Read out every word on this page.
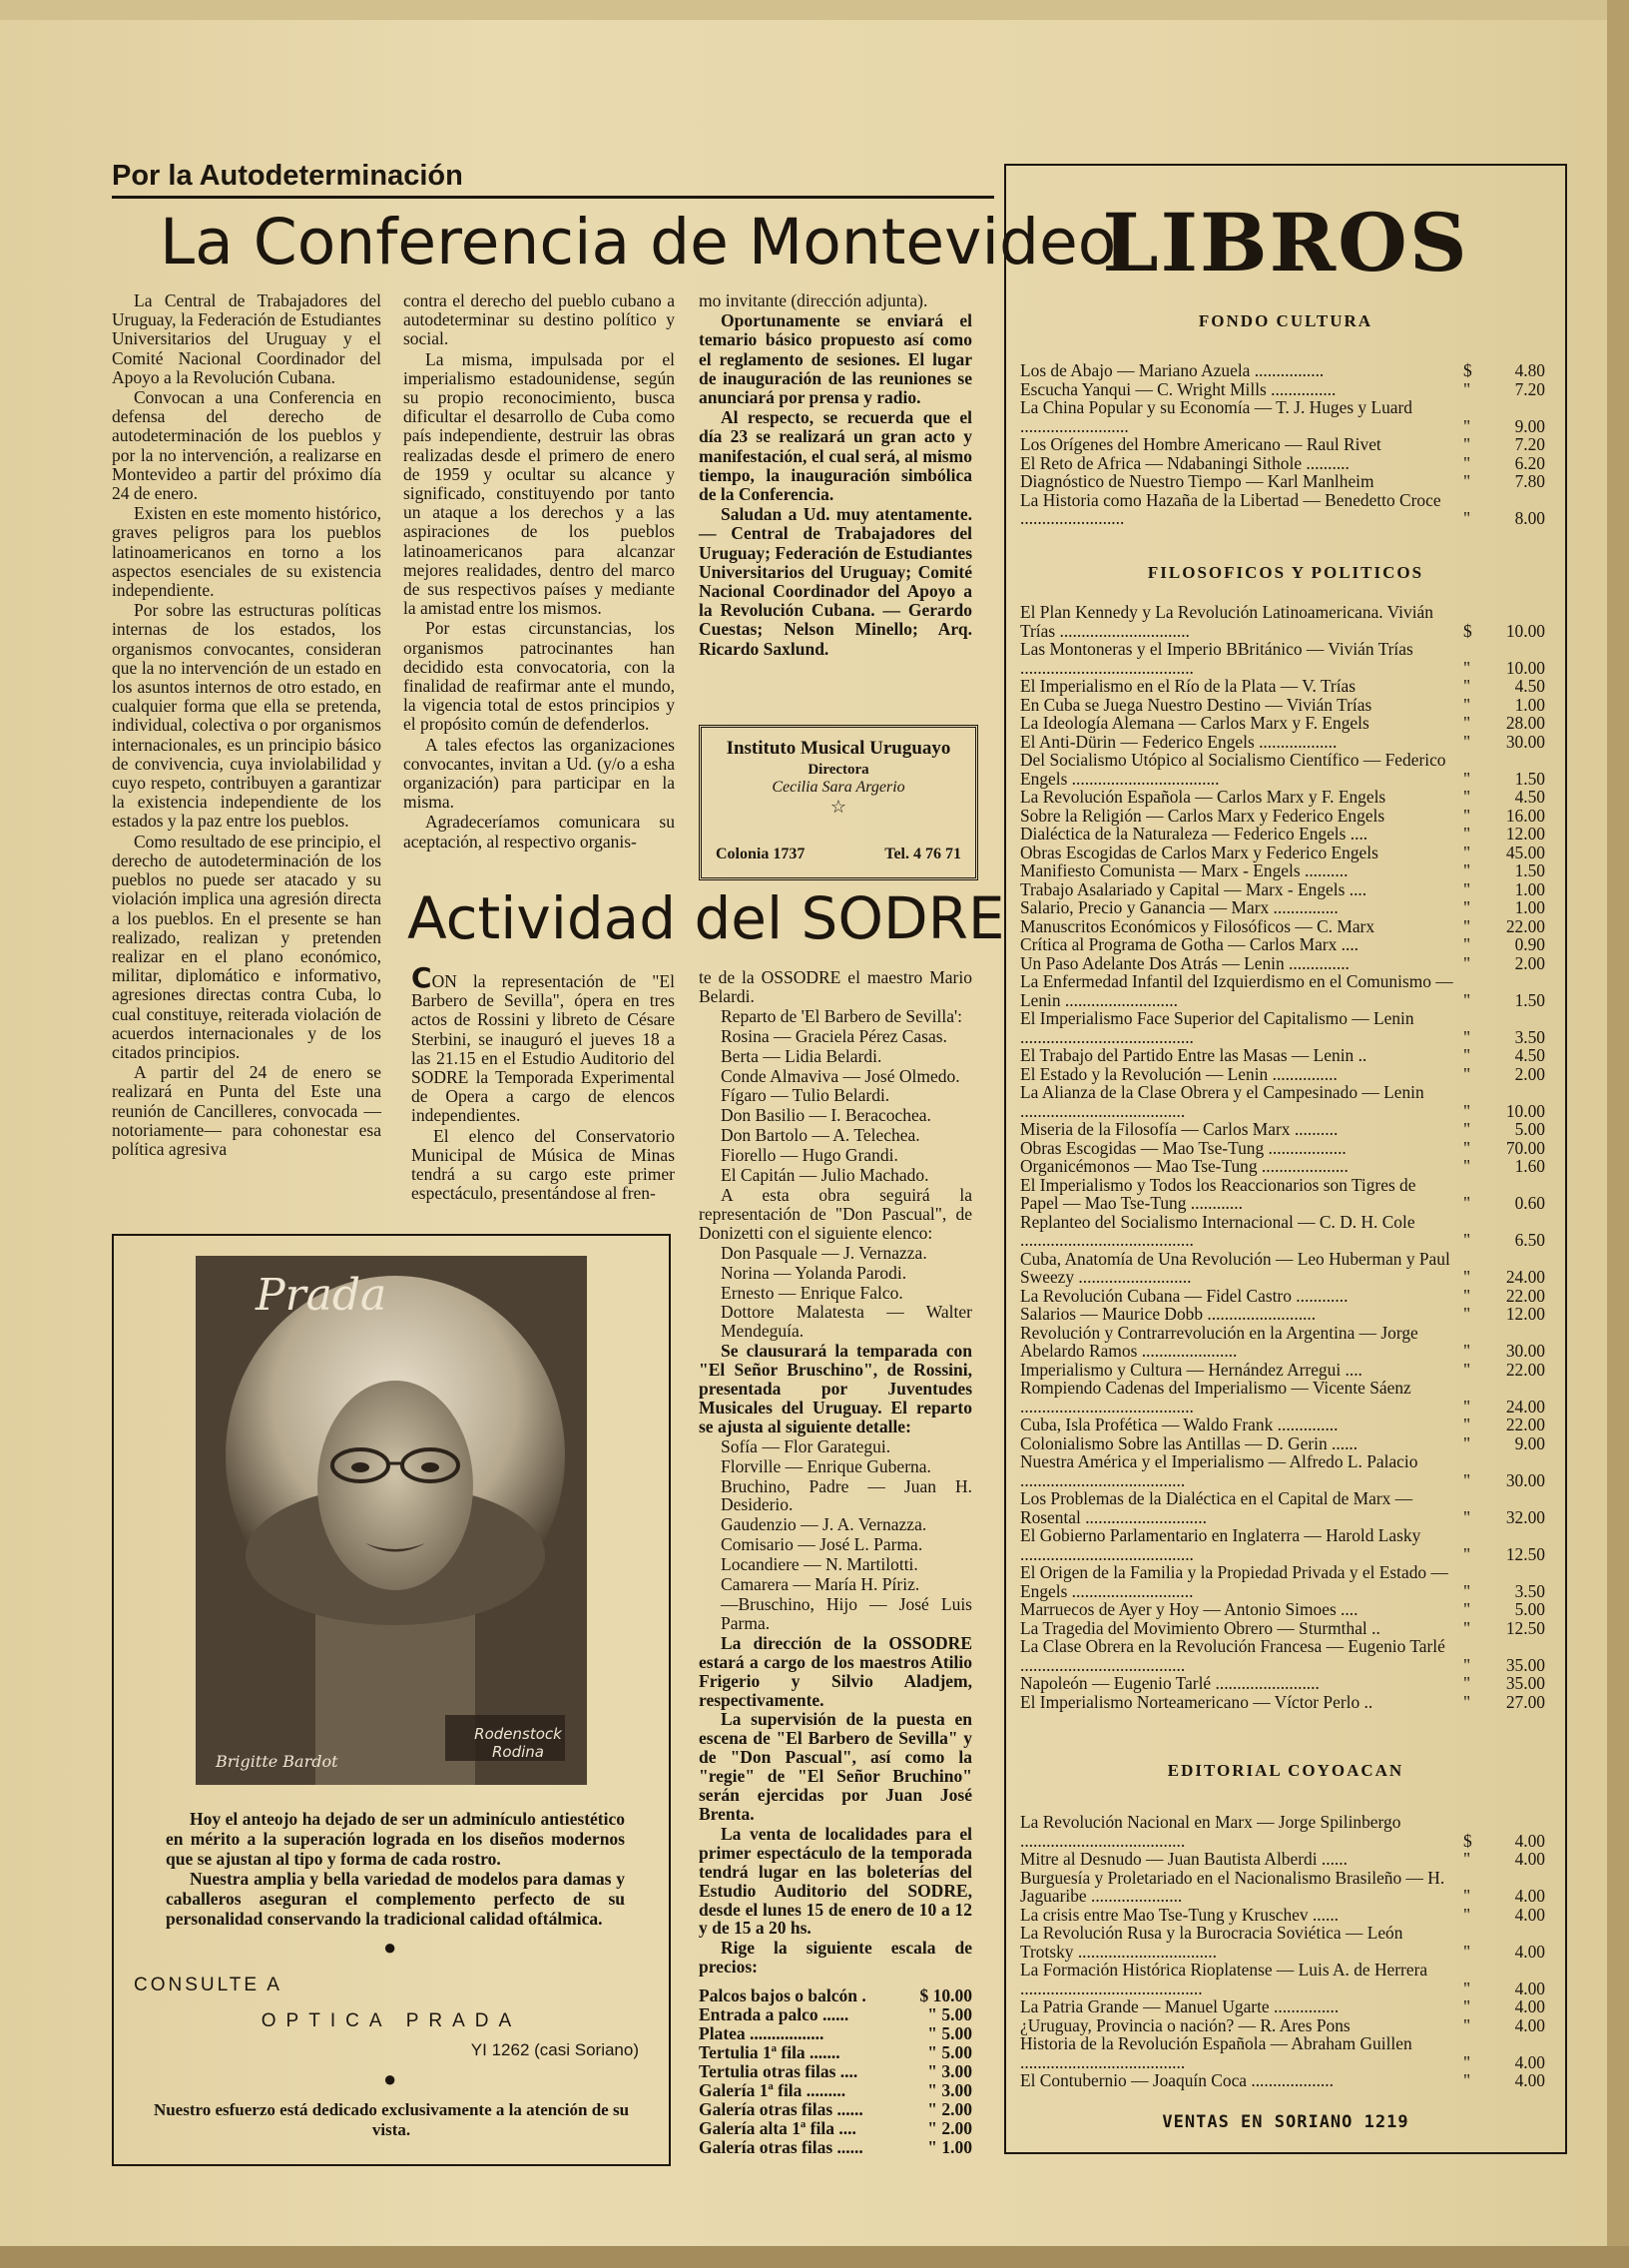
Por la Autodeterminación
La Conferencia de Montevideo

La Central de Trabajadores del Uruguay, la Federación de Estudiantes Universitarios del Uruguay y el Comité Nacional Coordinador del Apoyo a la Revolución Cubana.

Convocan a una Conferencia en defensa del derecho de autodeterminación de los pueblos y por la no intervención, a realizarse en Montevideo a partir del próximo día 24 de enero.

Existen en este momento histórico, graves peligros para los pueblos latinoamericanos en torno a los aspectos esenciales de su existencia independiente.

Por sobre las estructuras políticas internas de los estados, los organismos convocantes, consideran que la no intervención de un estado en los asuntos internos de otro estado, en cualquier forma que ella se pretenda, individual, colectiva o por organismos internacionales, es un principio básico de convivencia, cuya inviolabilidad y cuyo respeto, contribuyen a garantizar la existencia independiente de los estados y la paz entre los pueblos.

Como resultado de ese principio, el derecho de autodeterminación de los pueblos no puede ser atacado y su violación implica una agresión directa a los pueblos. En el presente se han realizado, realizan y pretenden realizar en el plano económico, militar, diplomático e informativo, agresiones directas contra Cuba, lo cual constituye, reiterada violación de acuerdos internacionales y de los citados principios.

A partir del 24 de enero se realizará en Punta del Este una reunión de Cancilleres, convocada —notoriamente— para cohonestar esa política agresiva

contra el derecho del pueblo cubano a autodeterminar su destino político y social.

La misma, impulsada por el imperialismo estadounidense, según su propio reconocimiento, busca dificultar el desarrollo de Cuba como país independiente, destruir las obras realizadas desde el primero de enero de 1959 y ocultar su alcance y significado, constituyendo por tanto un ataque a los derechos y a las aspiraciones de los pueblos latinoamericanos para alcanzar mejores realidades, dentro del marco de sus respectivos países y mediante la amistad entre los mismos.

Por estas circunstancias, los organismos patrocinantes han decidido esta convocatoria, con la finalidad de reafirmar ante el mundo, la vigencia total de estos principios y el propósito común de defenderlos.

A tales efectos las organizaciones convocantes, invitan a Ud. (y/o a esha organización) para participar en la misma.

Agradeceríamos comunicara su aceptación, al respectivo organis-

mo invitante (dirección adjunta).

Oportunamente se enviará el temario básico propuesto así como el reglamento de sesiones. El lugar de inauguración de las reuniones se anunciará por prensa y radio.

Al respecto, se recuerda que el día 23 se realizará un gran acto y manifestación, el cual será, al mismo tiempo, la inauguración simbólica de la Conferencia.

Saludan a Ud. muy atentamente. — Central de Trabajadores del Uruguay; Federación de Estudiantes Universitarios del Uruguay; Comité Nacional Coordinador del Apoyo a la Revolución Cubana. — Gerardo Cuestas; Nelson Minello; Arq. Ricardo Saxlund.

Instituto Musical Uruguayo
Directora
Cecilia Sara Argerio
☆
Colonia 1737	Tel. 4 76 71
Actividad del SODRE

CON la representación de "El Barbero de Sevilla", ópera en tres actos de Rossini y libreto de Césare Sterbini, se inauguró el jueves 18 a las 21.15 en el Estudio Auditorio del SODRE la Temporada Experimental de Opera a cargo de elencos independientes.

El elenco del Conservatorio Municipal de Música de Minas tendrá a su cargo este primer espectáculo, presentándose al fren-

te de la OSSODRE el maestro Mario Belardi.

Reparto de 'El Barbero de Sevilla':

Rosina — Graciela Pérez Casas.

Berta — Lidia Belardi.

Conde Almaviva — José Olmedo.

Fígaro — Tulio Belardi.

Don Basilio — I. Beracochea.

Don Bartolo — A. Telechea.

Fiorello — Hugo Grandi.

El Capitán — Julio Machado.

A esta obra seguirá la representación de "Don Pascual", de Donizetti con el siguiente elenco:

Don Pasquale — J. Vernazza.

Norina — Yolanda Parodi.

Ernesto — Enrique Falco.

Dottore Malatesta — Walter Mendeguía.

Se clausurará la temparada con "El Señor Bruschino", de Rossini, presentada por Juventudes Musicales del Uruguay. El reparto se ajusta al siguiente detalle:

Sofía — Flor Garategui.

Florville — Enrique Guberna.

Bruchino, Padre — Juan H. Desiderio.

Gaudenzio — J. A. Vernazza.

Comisario — José L. Parma.

Locandiere — N. Martilotti.

Camarera — María H. Píriz.

—Bruschino, Hijo — José Luis Parma.

La dirección de la OSSODRE estará a cargo de los maestros Atilio Frigerio y Silvio Aladjem, respectivamente.

La supervisión de la puesta en escena de "El Barbero de Sevilla" y de "Don Pascual", así como la "regie" de "El Señor Bruchino" serán ejercidas por Juan José Brenta.

La venta de localidades para el primer espectáculo de la temporada tendrá lugar en las boleterías del Estudio Auditorio del SODRE, desde el lunes 15 de enero de 10 a 12 y de 15 a 20 hs.

Rige la siguiente escala de precios:

Palcos bajos o balcón .	$ 10.00
Entrada a palco ......	" 5.00
Platea .................	" 5.00
Tertulia 1ª fila .......	" 5.00
Tertulia otras filas ....	" 3.00
Galería 1ª fila .........	" 3.00
Galería otras filas ......	" 2.00
Galería alta 1ª fila ....	" 2.00
Galería otras filas ......	" 1.00
Prada
Brigitte Bardot
Rodenstock Rodina

Hoy el anteojo ha dejado de ser un adminículo antiestético en mérito a la superación lograda en los diseños modernos que se ajustan al tipo y forma de cada rostro.

Nuestra amplia y bella variedad de modelos para damas y caballeros aseguran el complemento perfecto de su personalidad conservando la tradicional calidad oftálmica.

●
CONSULTE A
OPTICA PRADA
YI 1262 (casi Soriano)
●
Nuestro esfuerzo está dedicado exclusivamente a la atención de su vista.
LIBROS
FONDO CULTURA
Los de Abajo — Mariano Azuela ................	$	4.80
Escucha Yanqui — C. Wright Mills ...............	"	7.20
La China Popular y su Economía — T. J. Huges y Luard .........................	"	9.00
Los Orígenes del Hombre Americano — Raul Rivet	"	7.20
El Reto de Africa — Ndabaningi Sithole ..........	"	6.20
Diagnóstico de Nuestro Tiempo — Karl Manlheim	"	7.80
La Historia como Hazaña de la Libertad — Benedetto Croce ........................	"	8.00
FILOSOFICOS Y POLITICOS
El Plan Kennedy y La Revolución Latinoamericana. Vivián Trías ..............................	$	10.00
Las Montoneras y el Imperio BBritánico — Vivián Trías ........................................	"	10.00
El Imperialismo en el Río de la Plata — V. Trías	"	4.50
En Cuba se Juega Nuestro Destino — Vivián Trías	"	1.00
La Ideología Alemana — Carlos Marx y F. Engels	"	28.00
El Anti-Dürin — Federico Engels ..................	"	30.00
Del Socialismo Utópico al Socialismo Científico — Federico Engels ..................................	"	1.50
La Revolución Española — Carlos Marx y F. Engels	"	4.50
Sobre la Religión — Carlos Marx y Federico Engels	"	16.00
Dialéctica de la Naturaleza — Federico Engels ....	"	12.00
Obras Escogidas de Carlos Marx y Federico Engels	"	45.00
Manifiesto Comunista — Marx - Engels ..........	"	1.50
Trabajo Asalariado y Capital — Marx - Engels ....	"	1.00
Salario, Precio y Ganancia — Marx ...............	"	1.00
Manuscritos Económicos y Filosóficos — C. Marx	"	22.00
Crítica al Programa de Gotha — Carlos Marx ....	"	0.90
Un Paso Adelante Dos Atrás — Lenin ..............	"	2.00
La Enfermedad Infantil del Izquierdismo en el Comunismo — Lenin ..........................	"	1.50
El Imperialismo Face Superior del Capitalismo — Lenin ........................................	"	3.50
El Trabajo del Partido Entre las Masas — Lenin ..	"	4.50
El Estado y la Revolución — Lenin ...............	"	2.00
La Alianza de la Clase Obrera y el Campesinado — Lenin ......................................	"	10.00
Miseria de la Filosofía — Carlos Marx ..........	"	5.00
Obras Escogidas — Mao Tse-Tung ..................	"	70.00
Organicémonos — Mao Tse-Tung ....................	"	1.60
El Imperialismo y Todos los Reaccionarios son Tigres de Papel — Mao Tse-Tung ............	"	0.60
Replanteo del Socialismo Internacional — C. D. H. Cole ........................................	"	6.50
Cuba, Anatomía de Una Revolución — Leo Huberman y Paul Sweezy ..........................	"	24.00
La Revolución Cubana — Fidel Castro ............	"	22.00
Salarios — Maurice Dobb .........................	"	12.00
Revolución y Contrarrevolución en la Argentina — Jorge Abelardo Ramos ......................	"	30.00
Imperialismo y Cultura — Hernández Arregui ....	"	22.00
Rompiendo Cadenas del Imperialismo — Vicente Sáenz ........................................	"	24.00
Cuba, Isla Profética — Waldo Frank ..............	"	22.00
Colonialismo Sobre las Antillas — D. Gerin ......	"	9.00
Nuestra América y el Imperialismo — Alfredo L. Palacio ......................................	"	30.00
Los Problemas de la Dialéctica en el Capital de Marx — Rosental ............................	"	32.00
El Gobierno Parlamentario en Inglaterra — Harold Lasky ........................................	"	12.50
El Origen de la Familia y la Propiedad Privada y el Estado — Engels ............................	"	3.50
Marruecos de Ayer y Hoy — Antonio Simoes ....	"	5.00
La Tragedia del Movimiento Obrero — Sturmthal ..	"	12.50
La Clase Obrera en la Revolución Francesa — Eugenio Tarlé ......................................	"	35.00
Napoleón — Eugenio Tarlé ........................	"	35.00
El Imperialismo Norteamericano — Víctor Perlo ..	"	27.00
EDITORIAL COYOACAN
La Revolución Nacional en Marx — Jorge Spilinbergo ......................................	$	4.00
Mitre al Desnudo — Juan Bautista Alberdi ......	"	4.00
Burguesía y Proletariado en el Nacionalismo Brasileño — H. Jaguaribe .....................	"	4.00
La crisis entre Mao Tse-Tung y Kruschev ......	"	4.00
La Revolución Rusa y la Burocracia Soviética — León Trotsky ................................	"	4.00
La Formación Histórica Rioplatense — Luis A. de Herrera ..........................................	"	4.00
La Patria Grande — Manuel Ugarte ...............	"	4.00
¿Uruguay, Provincia o nación? — R. Ares Pons	"	4.00
Historia de la Revolución Española — Abraham Guillen ......................................	"	4.00
El Contubernio — Joaquín Coca ...................	"	4.00
VENTAS EN SORIANO 1219
